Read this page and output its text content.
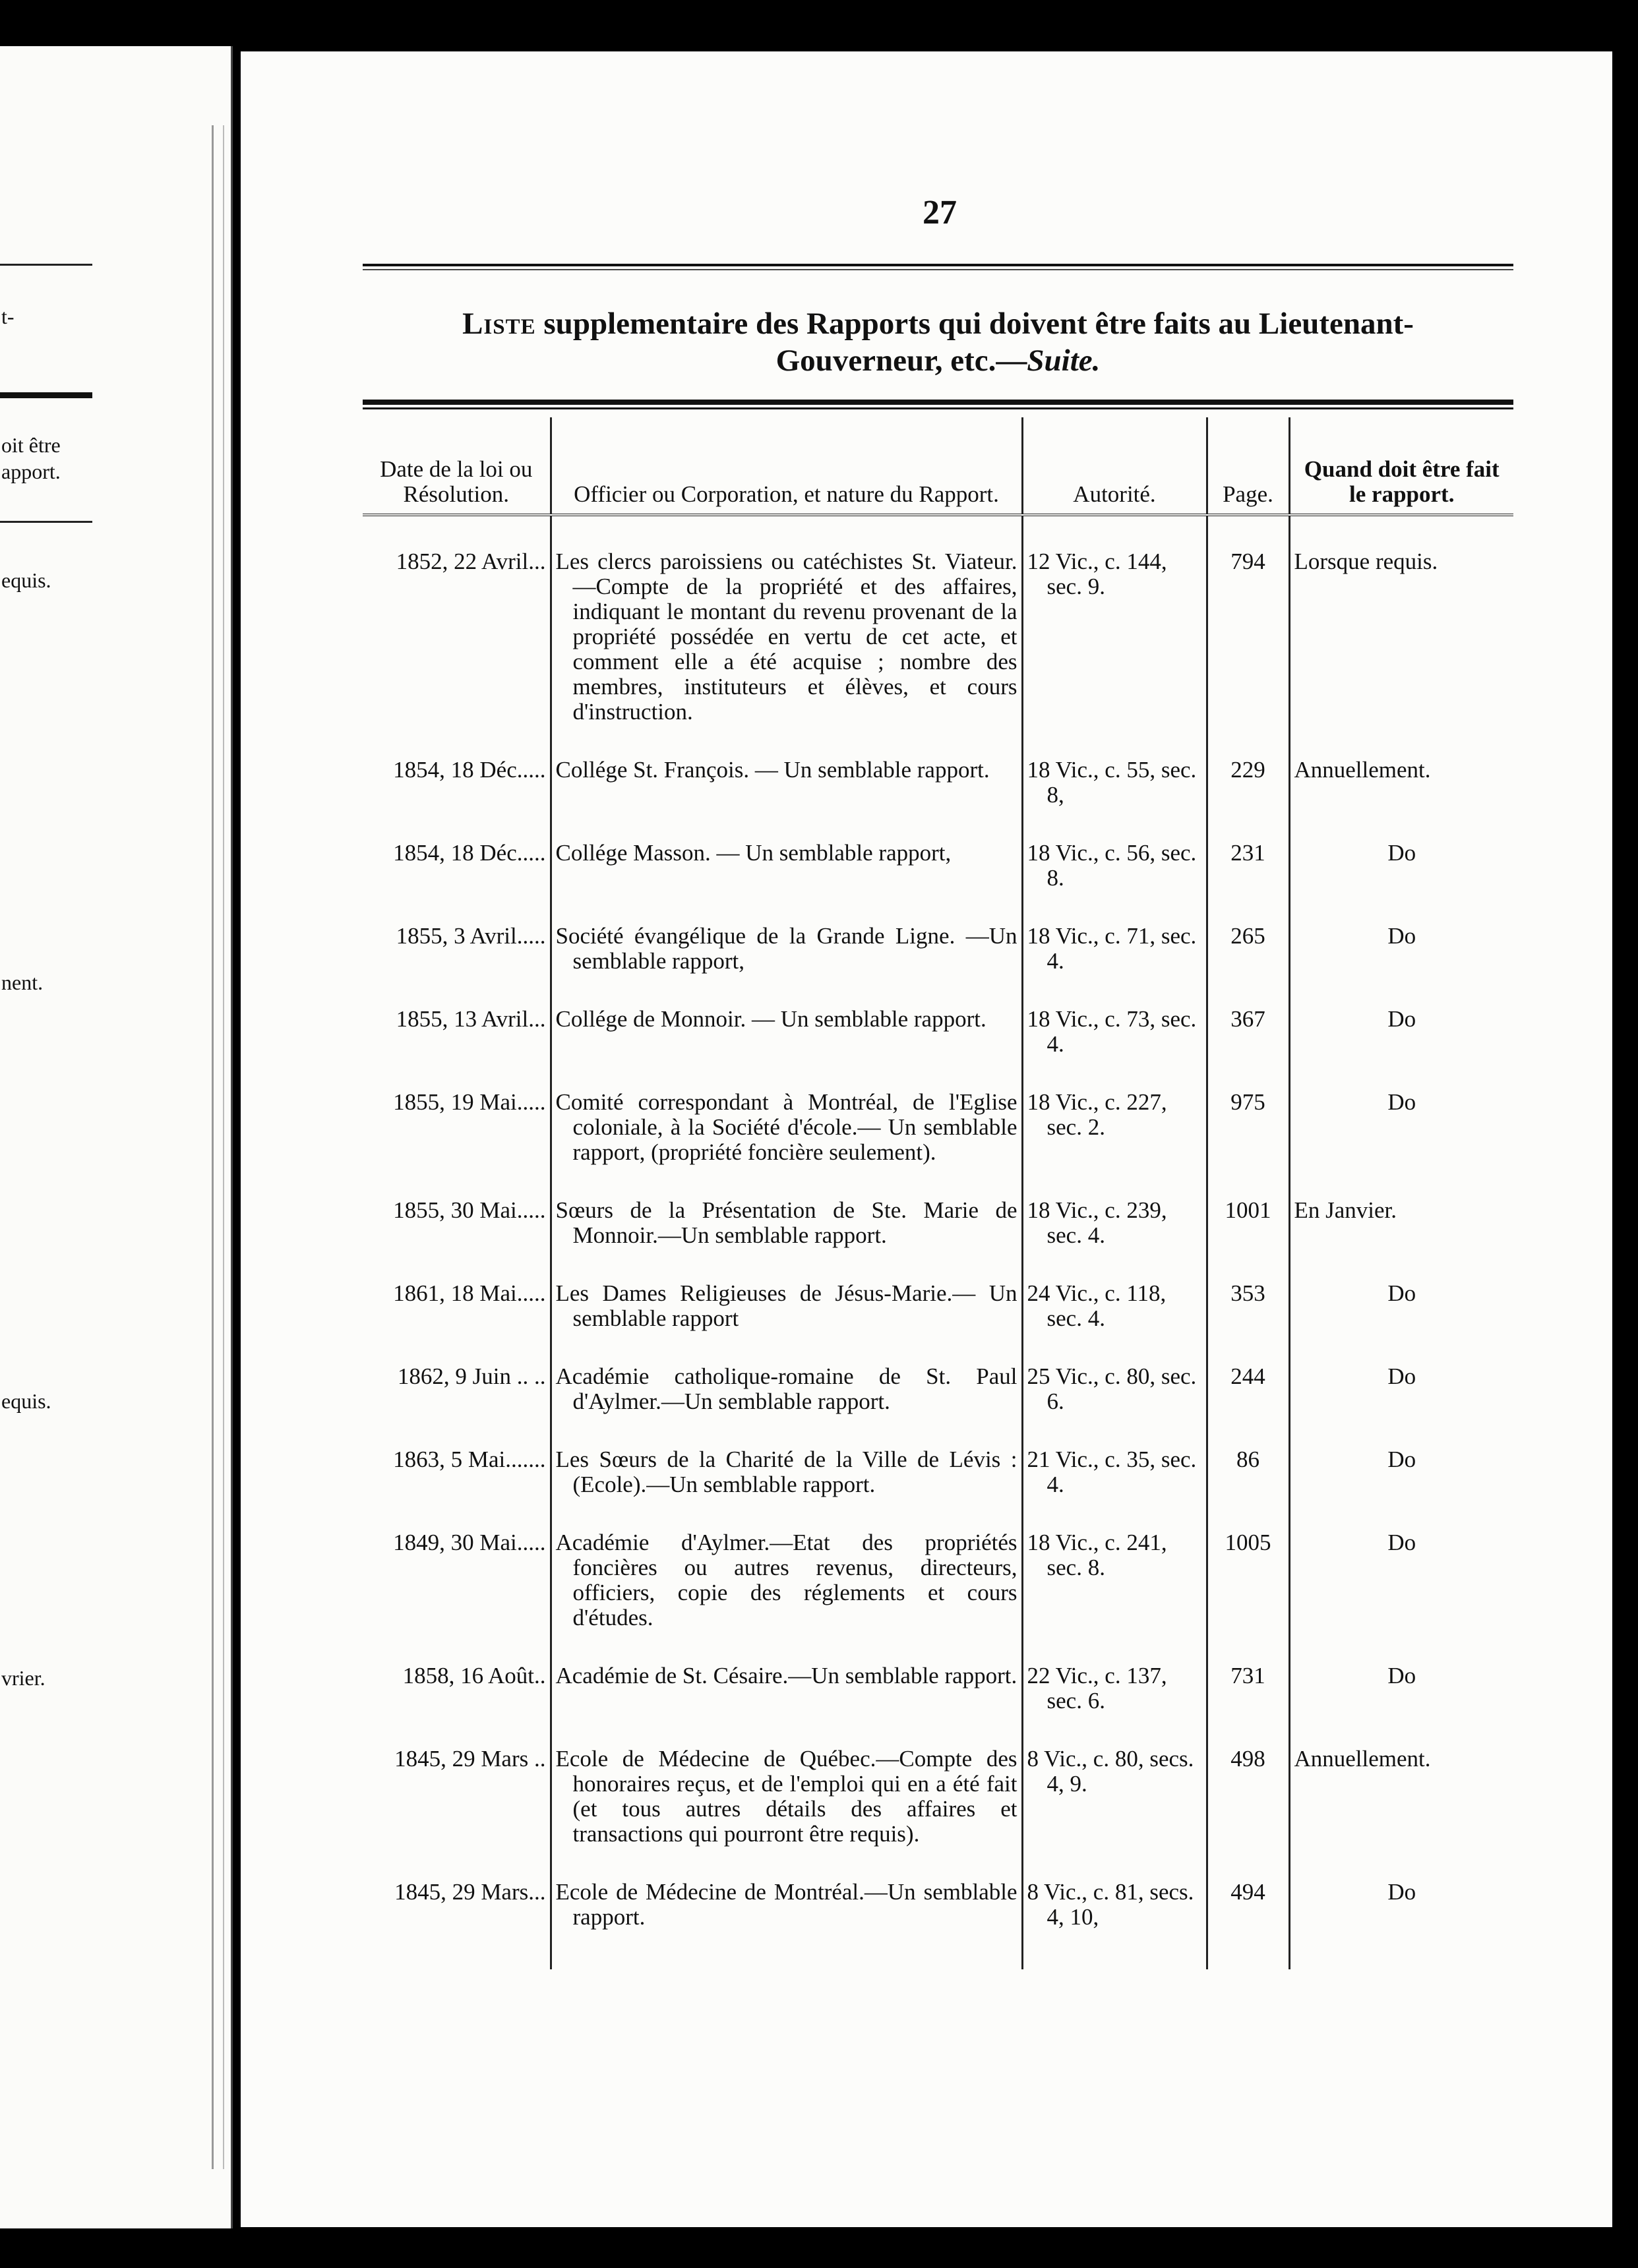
t-
oit être
apport.
equis.
nent.
equis.
vrier.
27
Liste supplementaire des Rapports qui doivent être faits au Lieutenant-
Gouverneur, etc.—Suite.
Date de la loi ou Résolution.	Officier ou Corporation, et nature du Rapport.	Autorité.	Page.	Quand doit être fait le rapport.
1852, 22 Avril...	Les clercs paroissiens ou catéchistes St. Viateur.—Compte de la propriété et des affaires, indiquant le montant du revenu provenant de la propriété possédée en vertu de cet acte, et comment elle a été acquise ; nombre des membres, instituteurs et élèves, et cours d'instruction.	12 Vic., c. 144, sec. 9.	794	Lorsque requis.
1854, 18 Déc.....	Collége St. François. — Un semblable rapport.	18 Vic., c. 55, sec. 8,	229	Annuellement.
1854, 18 Déc.....	Collége Masson. — Un semblable rapport,	18 Vic., c. 56, sec. 8.	231	Do
1855, 3 Avril.....	Société évangélique de la Grande Ligne. —Un semblable rapport,	18 Vic., c. 71, sec. 4.	265	Do
1855, 13 Avril...	Collége de Monnoir. — Un semblable rapport.	18 Vic., c. 73, sec. 4.	367	Do
1855, 19 Mai.....	Comité correspondant à Montréal, de l'Eglise coloniale, à la Société d'école.— Un semblable rapport, (propriété foncière seulement).	18 Vic., c. 227, sec. 2.	975	Do
1855, 30 Mai.....	Sœurs de la Présentation de Ste. Marie de Monnoir.—Un semblable rapport.	18 Vic., c. 239, sec. 4.	1001	En Janvier.
1861, 18 Mai.....	Les Dames Religieuses de Jésus-Marie.— Un semblable rapport	24 Vic., c. 118, sec. 4.	353	Do
1862, 9 Juin .. ..	Académie catholique-romaine de St. Paul d'Aylmer.—Un semblable rapport.	25 Vic., c. 80, sec. 6.	244	Do
1863, 5 Mai.......	Les Sœurs de la Charité de la Ville de Lévis : (Ecole).—Un semblable rapport.	21 Vic., c. 35, sec. 4.	86	Do
1849, 30 Mai.....	Académie d'Aylmer.—Etat des propriétés foncières ou autres revenus, directeurs, officiers, copie des réglements et cours d'études.	18 Vic., c. 241, sec. 8.	1005	Do
1858, 16 Août..	Académie de St. Césaire.—Un semblable rapport.	22 Vic., c. 137, sec. 6.	731	Do
1845, 29 Mars ..	Ecole de Médecine de Québec.—Compte des honoraires reçus, et de l'emploi qui en a été fait (et tous autres détails des affaires et transactions qui pourront être requis).	8 Vic., c. 80, secs. 4, 9.	498	Annuellement.
1845, 29 Mars...	Ecole de Médecine de Montréal.—Un semblable rapport.	8 Vic., c. 81, secs. 4, 10,	494	Do
